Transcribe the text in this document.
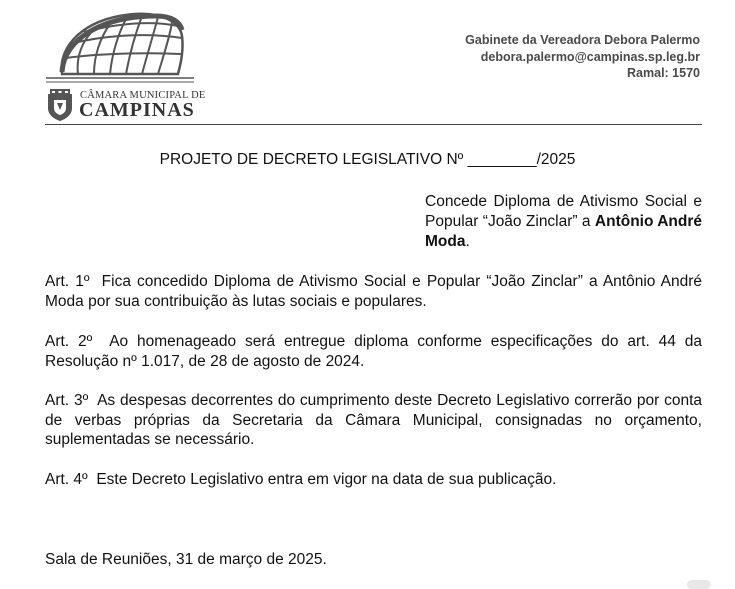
CÂMARA MUNICIPAL DE
CAMPINAS
Gabinete da Vereadora Debora Palermo
debora.palermo@campinas.sp.leg.br
Ramal: 1570
PROJETO DE DECRETO LEGISLATIVO Nº ________/2025
Concede Diploma de Ativismo Social e Popular “João Zinclar” a Antônio André Moda.
Art. 1º Fica concedido Diploma de Ativismo Social e Popular “João Zinclar” a Antônio André Moda por sua contribuição às lutas sociais e populares.
Art. 2º Ao homenageado será entregue diploma conforme especificações do art. 44 da Resolução nº 1.017, de 28 de agosto de 2024.
Art. 3º As despesas decorrentes do cumprimento deste Decreto Legislativo correrão por conta de verbas próprias da Secretaria da Câmara Municipal, consignadas no orçamento, suplementadas se necessário.
Art. 4º Este Decreto Legislativo entra em vigor na data de sua publicação.
Sala de Reuniões, 31 de março de 2025.
